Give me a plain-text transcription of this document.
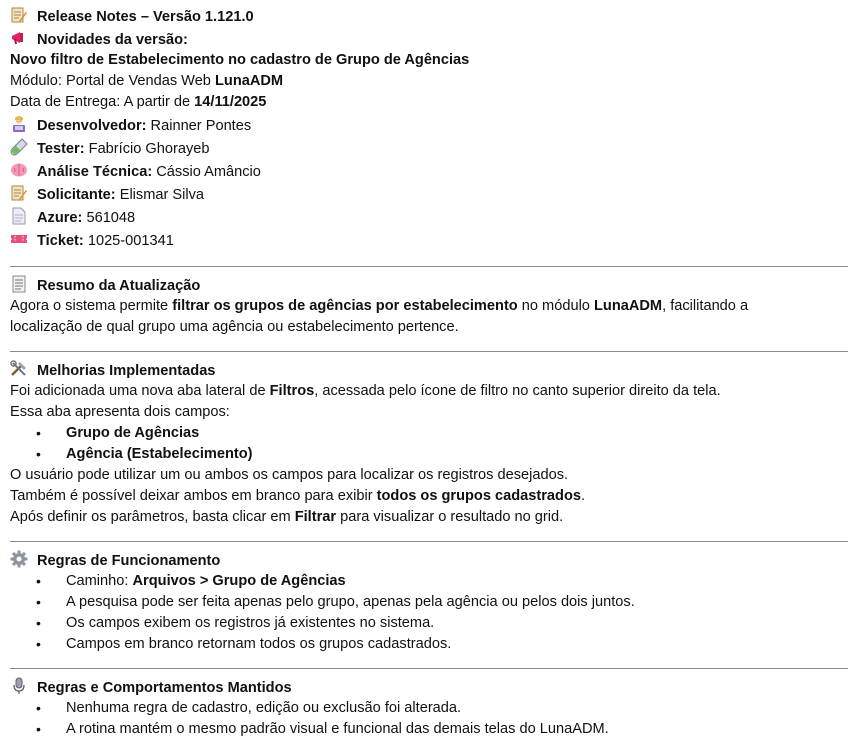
Release Notes – Versão 1.121.0
Novidades da versão:
Novo filtro de Estabelecimento no cadastro de Grupo de Agências
Módulo: Portal de Vendas Web LunaADM
Data de Entrega: A partir de 14/11/2025
Desenvolvedor: Rainner Pontes
Tester: Fabrício Ghorayeb
Análise Técnica: Cássio Amâncio
Solicitante: Elismar Silva
Azure: 561048
Ticket: 1025-001341
Resumo da Atualização
Agora o sistema permite filtrar os grupos de agências por estabelecimento no módulo LunaADM, facilitando a
localização de qual grupo uma agência ou estabelecimento pertence.
Melhorias Implementadas
Foi adicionada uma nova aba lateral de Filtros, acessada pelo ícone de filtro no canto superior direito da tela.
Essa aba apresenta dois campos:
• Grupo de Agências
• Agência (Estabelecimento)
O usuário pode utilizar um ou ambos os campos para localizar os registros desejados.
Também é possível deixar ambos em branco para exibir todos os grupos cadastrados.
Após definir os parâmetros, basta clicar em Filtrar para visualizar o resultado no grid.
Regras de Funcionamento
• Caminho: Arquivos > Grupo de Agências
• A pesquisa pode ser feita apenas pelo grupo, apenas pela agência ou pelos dois juntos.
• Os campos exibem os registros já existentes no sistema.
• Campos em branco retornam todos os grupos cadastrados.
Regras e Comportamentos Mantidos
• Nenhuma regra de cadastro, edição ou exclusão foi alterada.
• A rotina mantém o mesmo padrão visual e funcional das demais telas do LunaADM.
